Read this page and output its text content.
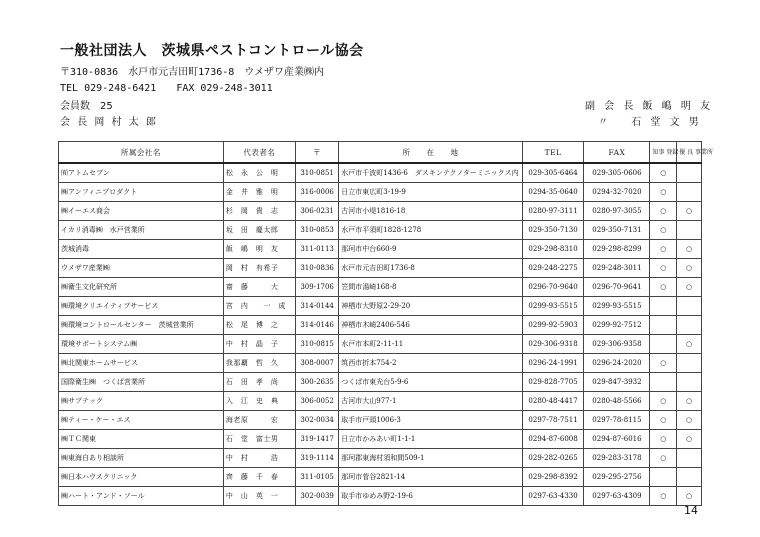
一般社団法人　茨城県ペストコントロール協会
〒310-0836　水戸市元吉田町1736-8　ウメザワ産業㈱内
TEL 029-248-6421　　FAX 029-248-3011
会員数　25
会 長 岡 村 太 郎
副 会 長 飯 嶋 明 友
〃 石 堂 文 男
所属会社名	代表者名	〒	所　　在　　地	TEL	FAX	知事 登録	優 良 事業所
㈲アトムセブン	松　永　公　明	310-0851	水戸市千波町1436-6　ダスキンテクノターミニックス内	029-305-6464	029-305-0606	○	
㈱アンフィニプロダクト	金　井　雅　明	316-0006	日立市東広町3-19-9	0294-35-0640	0294-32-7020	○	
㈱イーエス商会	杉　岡　貴　志	306-0231	古河市小堤1816-18	0280-97-3111	0280-97-3055	○	○
イカリ消毒㈱　水戸営業所	坂　田　慶太郎	310-0853	水戸市平須町1828-1278	029-350-7130	029-350-7131	○	
茨城消毒	飯　嶋　明　友	311-0113	那珂市中台660-9	029-298-8310	029-298-8299	○	○
ウメザワ産業㈱	岡　村　有希子	310-0836	水戸市元吉田町1736-8	029-248-2275	029-248-3011	○	○
㈱衛生文化研究所	齋　藤　　　大	309-1706	笠間市湯崎168-8	0296-70-9640	0296-70-9641	○	○
㈱環境クリエイティブサービス	宮　内　　一　成	314-0144	神栖市大野原2-29-20	0299-93-5515	0299-93-5515		
㈱環境コントロールセンター　茨城営業所	松　尾　博　之	314-0146	神栖市木崎2406-546	0299-92-5903	0299-92-7512		
環境サポートシステム㈱	中　村　晶　子	310-0815	水戸市本町2-11-11	029-306-9318	029-306-9358		○
㈱北関東ホームサービス	我那覇　哲　久	308-0007	筑西市折本754-2	0296-24-1991	0296-24-2020	○	
国際衛生㈱　つくば営業所	石　田　孝　尚	300-2635	つくば市東光台5-9-6	029-828-7705	029-847-3932		
㈱サブテック	入　江　史　典	306-0052	古河市大山977-1	0280-48-4417	0280-48-5566	○	○
㈱ティー・ケー・エス	海老原　　　宏	302-0034	取手市戸頭1006-3	0297-78-7511	0297-78-8115	○	○
㈱ＴＣ関東	石　堂　富士男	319-1417	日立市かみあい町1-1-1	0294-87-6008	0294-87-6016	○	○
㈱東海白あり相談所	中　村　　　浩	319-1114	那珂郡東海村須和間509-1	029-282-0265	029-283-3178	○	
㈱日本ハウスクリニック	齊　藤　千　春	311-0105	那珂市菅谷2821-14	029-298-8392	029-295-2756		
㈱ハート・アンド・ソール	中　山　英　一	302-0039	取手市ゆめみ野2-19-6	0297-63-4330	0297-63-4309	○	○
14
